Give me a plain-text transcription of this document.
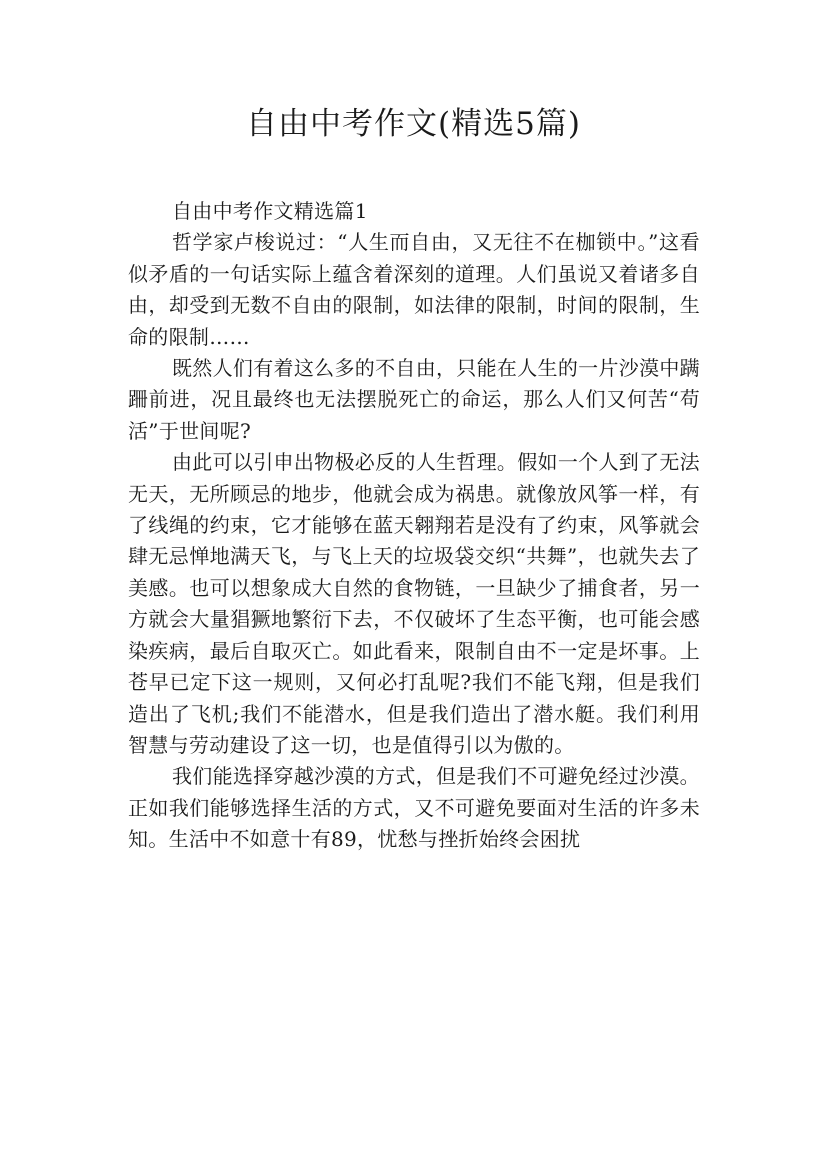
自由中考作文(精选5篇)

自由中考作文精选篇1

哲学家卢梭说过：“人生而自由，又无往不在枷锁中。”这看似矛盾的一句话实际上蕴含着深刻的道理。人们虽说又着诸多自由，却受到无数不自由的限制，如法律的限制，时间的限制，生命的限制……

既然人们有着这么多的不自由，只能在人生的一片沙漠中蹒跚前进，况且最终也无法摆脱死亡的命运，那么人们又何苦“苟活”于世间呢?

由此可以引申出物极必反的人生哲理。假如一个人到了无法无天，无所顾忌的地步，他就会成为祸患。就像放风筝一样，有了线绳的约束，它才能够在蓝天翱翔若是没有了约束，风筝就会肆无忌惮地满天飞，与飞上天的垃圾袋交织“共舞”，也就失去了美感。也可以想象成大自然的食物链，一旦缺少了捕食者，另一方就会大量猖獗地繁衍下去，不仅破坏了生态平衡，也可能会感染疾病，最后自取灭亡。如此看来，限制自由不一定是坏事。上苍早已定下这一规则，又何必打乱呢?我们不能飞翔，但是我们造出了飞机;我们不能潜水，但是我们造出了潜水艇。我们利用智慧与劳动建设了这一切，也是值得引以为傲的。

我们能选择穿越沙漠的方式，但是我们不可避免经过沙漠。正如我们能够选择生活的方式，又不可避免要面对生活的许多未知。生活中不如意十有89，忧愁与挫折始终会困扰
